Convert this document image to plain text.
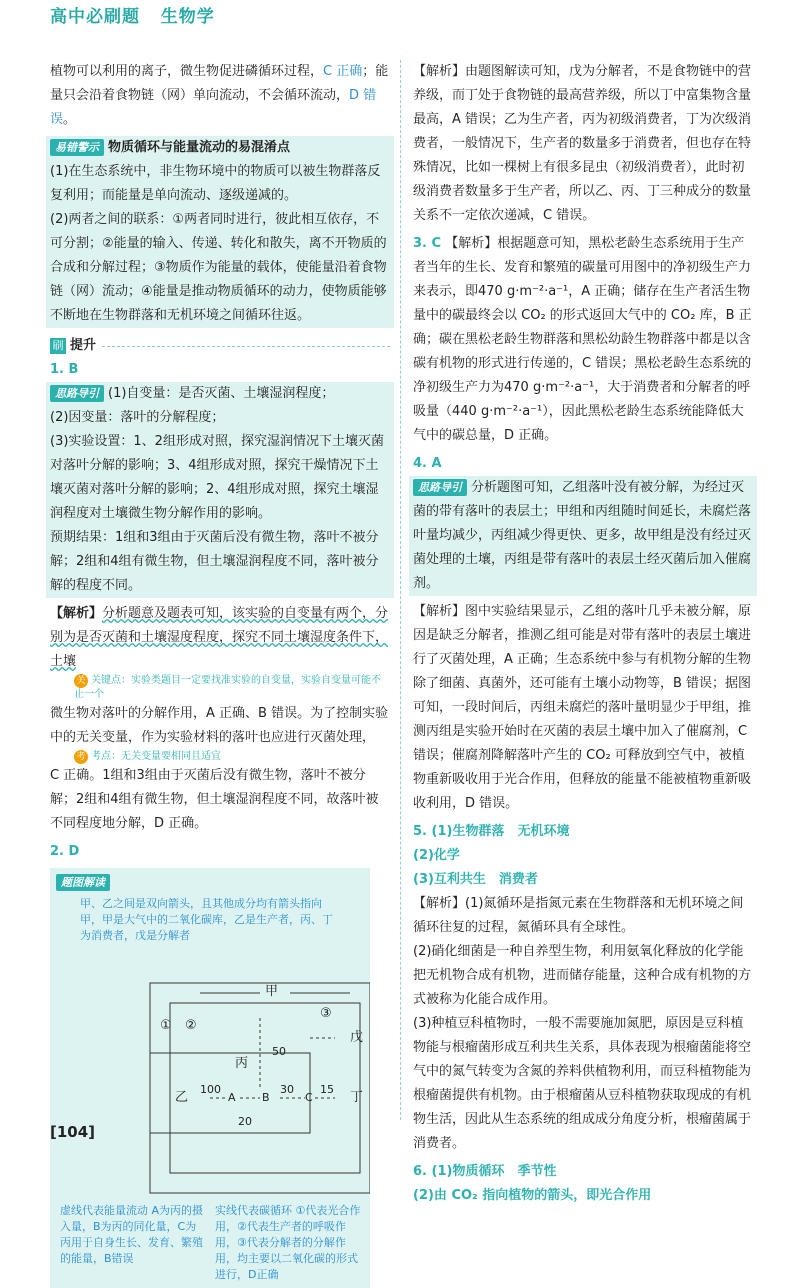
高中必刷题 生物学

植物可以利用的离子，微生物促进磷循环过程，C 正确；能量只会沿着食物链（网）单向流动，不会循环流动，D 错误。

易错警示 物质循环与能量流动的易混淆点

(1)在生态系统中，非生物环境中的物质可以被生物群落反复利用；而能量是单向流动、逐级递减的。

(2)两者之间的联系：①两者同时进行，彼此相互依存，不可分割；②能量的输入、传递、转化和散失，离不开物质的合成和分解过程；③物质作为能量的载体，使能量沿着食物链（网）流动；④能量是推动物质循环的动力，使物质能够不断地在生物群落和无机环境之间循环往返。

刷 提升

1. B

思路导引 (1)自变量：是否灭菌、土壤湿润程度；

(2)因变量：落叶的分解程度；

(3)实验设置：1、2组形成对照，探究湿润情况下土壤灭菌对落叶分解的影响；3、4组形成对照，探究干燥情况下土壤灭菌对落叶分解的影响；2、4组形成对照，探究土壤湿润程度对土壤微生物分解作用的影响。

预期结果：1组和3组由于灭菌后没有微生物，落叶不被分解；2组和4组有微生物，但土壤湿润程度不同，落叶被分解的程度不同。

【解析】分析题意及题表可知，该实验的自变量有两个，分别为是否灭菌和土壤湿度程度，探究不同土壤湿度条件下，土壤

关 关键点：实验类题目一定要找准实验的自变量，实验自变量可能不止一个

微生物对落叶的分解作用，A 正确、B 错误。为了控制实验中的无关变量，作为实验材料的落叶也应进行灭菌处理，

考 考点：无关变量要相同且适宜

C 正确。1组和3组由于灭菌后没有微生物，落叶不被分解；2组和4组有微生物，但土壤湿润程度不同，故落叶被不同程度地分解，D 正确。

2. D

题图解读
甲、乙之间是双向箭头，且其他成分均有箭头指向甲，甲是大气中的二氧化碳库，乙是生产者，丙、丁为消费者，戊是分解者
甲
乙
丙
丁
戊
A B	C
① ②
③
100	30 15
50
20
虚线代表能量流动 A为丙的摄入量，B为丙的同化量，C为丙用于自身生长、发育、繁殖的能量，B错误
实线代表碳循环 ①代表光合作用，②代表生产者的呼吸作用，③代表分解者的分解作用，均主要以二氧化碳的形式进行，D正确

【解析】由题图解读可知，戊为分解者，不是食物链中的营养级，而丁处于食物链的最高营养级，所以丁中富集物含量最高，A 错误；乙为生产者，丙为初级消费者，丁为次级消费者，一般情况下，生产者的数量多于消费者，但也存在特殊情况，比如一棵树上有很多昆虫（初级消费者），此时初级消费者数量多于生产者，所以乙、丙、丁三种成分的数量关系不一定依次递减，C 错误。

3. C 【解析】根据题意可知，黑松老龄生态系统用于生产者当年的生长、发育和繁殖的碳量可用图中的净初级生产力来表示，即470 g·m⁻²·a⁻¹，A 正确；储存在生产者活生物量中的碳最终会以 CO₂ 的形式返回大气中的 CO₂ 库，B 正确；碳在黑松老龄生物群落和黑松幼龄生物群落中都是以含碳有机物的形式进行传递的，C 错误；黑松老龄生态系统的净初级生产力为470 g·m⁻²·a⁻¹，大于消费者和分解者的呼吸量（440 g·m⁻²·a⁻¹），因此黑松老龄生态系统能降低大气中的碳总量，D 正确。

4. A

思路导引 分析题图可知，乙组落叶没有被分解，为经过灭菌的带有落叶的表层土；甲组和丙组随时间延长，未腐烂落叶量均减少，丙组减少得更快、更多，故甲组是没有经过灭菌处理的土壤，丙组是带有落叶的表层土经灭菌后加入催腐剂。

【解析】图中实验结果显示，乙组的落叶几乎未被分解，原因是缺乏分解者，推测乙组可能是对带有落叶的表层土壤进行了灭菌处理，A 正确；生态系统中参与有机物分解的生物除了细菌、真菌外，还可能有土壤小动物等，B 错误；据图可知，一段时间后，丙组未腐烂的落叶量明显少于甲组，推测丙组是实验开始时在灭菌的表层土壤中加入了催腐剂，C 错误；催腐剂降解落叶产生的 CO₂ 可释放到空气中，被植物重新吸收用于光合作用，但释放的能量不能被植物重新吸收利用，D 错误。

5. (1)生物群落　无机环境

(2)化学

(3)互利共生　消费者

【解析】(1)氮循环是指氮元素在生物群落和无机环境之间循环往复的过程，氮循环具有全球性。

(2)硝化细菌是一种自养型生物，利用氨氧化释放的化学能把无机物合成有机物，进而储存能量，这种合成有机物的方式被称为化能合成作用。

(3)种植豆科植物时，一般不需要施加氮肥，原因是豆科植物能与根瘤菌形成互利共生关系，具体表现为根瘤菌能将空气中的氮气转变为含氮的养料供植物利用，而豆科植物能为根瘤菌提供有机物。由于根瘤菌从豆科植物获取现成的有机物生活，因此从生态系统的组成成分角度分析，根瘤菌属于消费者。

6. (1)物质循环　季节性

(2)由 CO₂ 指向植物的箭头，即光合作用

[104]
